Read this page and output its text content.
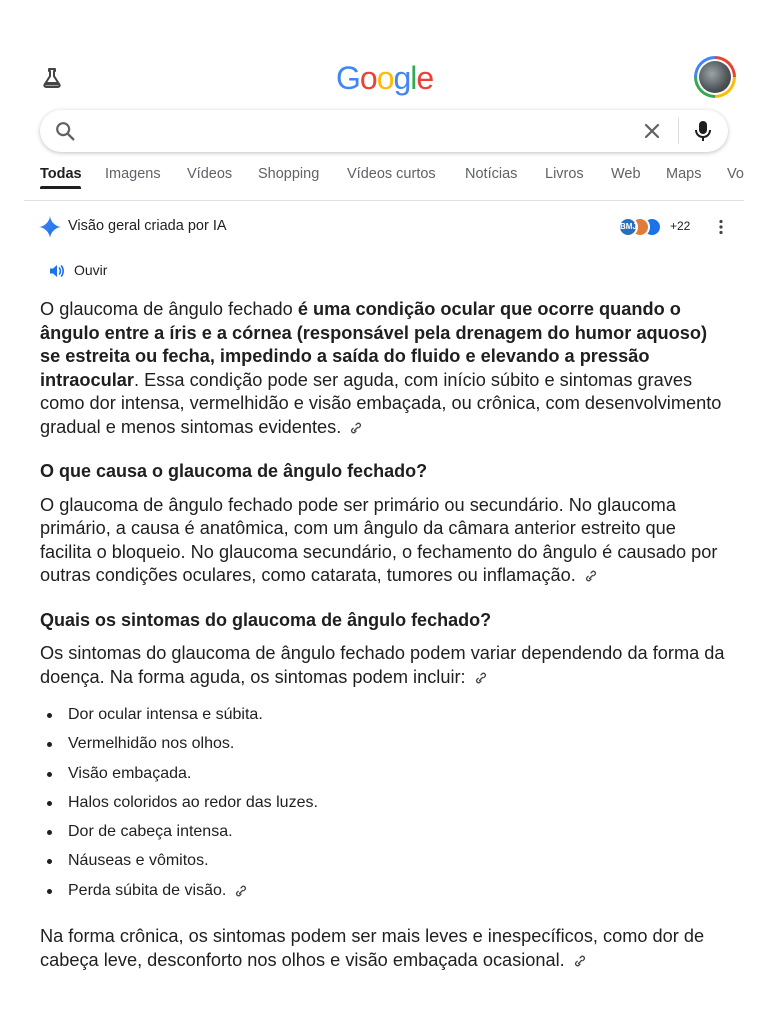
Google
Todas Imagens Vídeos Shopping Vídeos curtos Notícias Livros Web Maps Vo
Visão geral criada por IA	BMJ	+22
Ouvir

O glaucoma de ângulo fechado é uma condição ocular que ocorre quando o ângulo entre a íris e a córnea (responsável pela drenagem do humor aquoso) se estreita ou fecha, impedindo a saída do fluido e elevando a pressão intraocular. Essa condição pode ser aguda, com início súbito e sintomas graves como dor intensa, vermelhidão e visão embaçada, ou crônica, com desenvolvimento gradual e menos sintomas evidentes.

O que causa o glaucoma de ângulo fechado?

O glaucoma de ângulo fechado pode ser primário ou secundário. No glaucoma primário, a causa é anatômica, com um ângulo da câmara anterior estreito que facilita o bloqueio. No glaucoma secundário, o fechamento do ângulo é causado por outras condições oculares, como catarata, tumores ou inflamação.

Quais os sintomas do glaucoma de ângulo fechado?

Os sintomas do glaucoma de ângulo fechado podem variar dependendo da forma da doença. Na forma aguda, os sintomas podem incluir:

Dor ocular intensa e súbita.
Vermelhidão nos olhos.
Visão embaçada.
Halos coloridos ao redor das luzes.
Dor de cabeça intensa.
Náuseas e vômitos.
Perda súbita de visão.

Na forma crônica, os sintomas podem ser mais leves e inespecíficos, como dor de cabeça leve, desconforto nos olhos e visão embaçada ocasional.
